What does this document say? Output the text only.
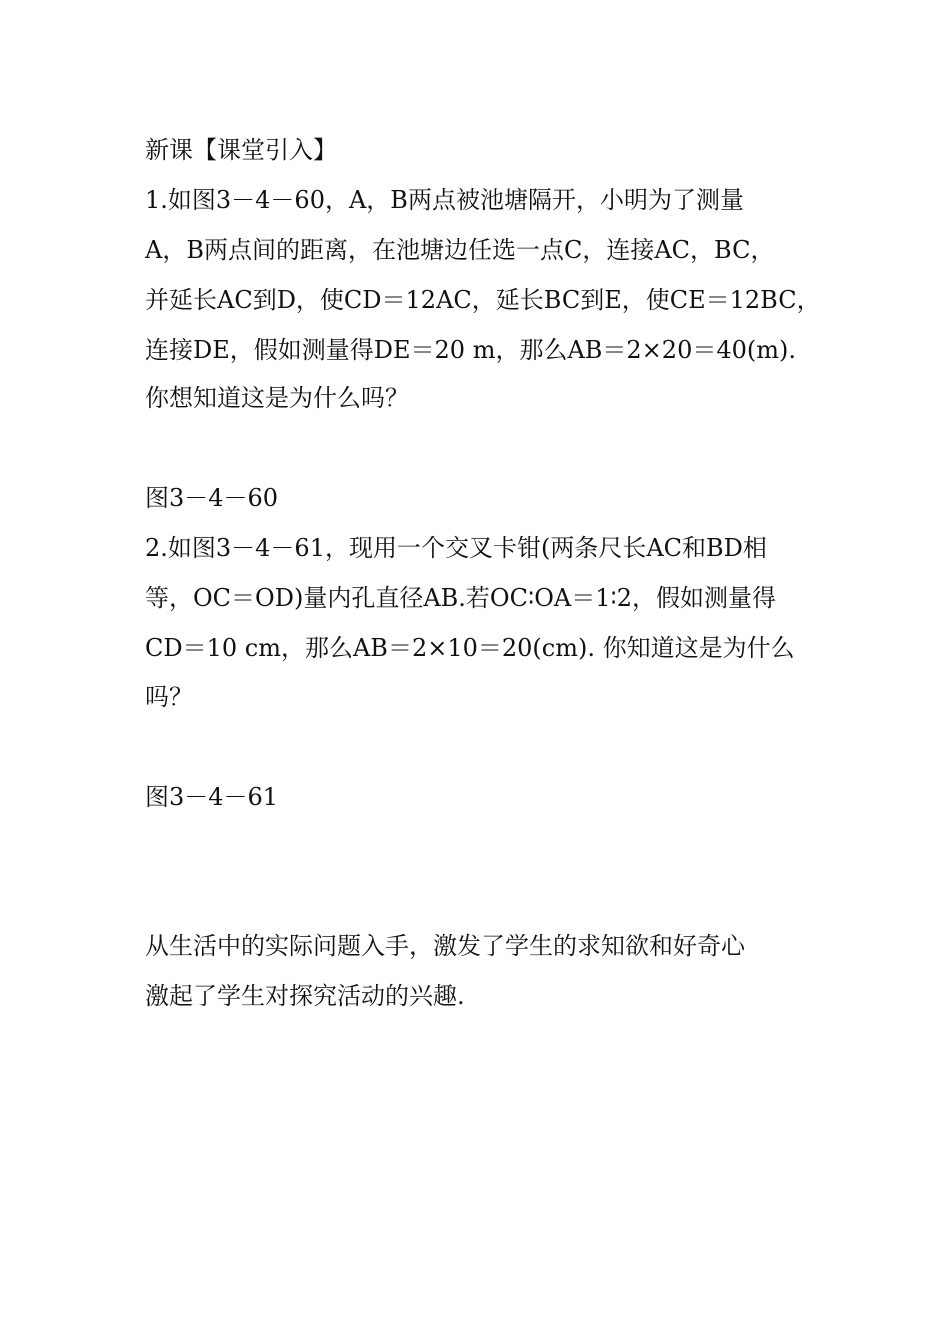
新课【课堂引入】

1.如图3－4－60，A，B两点被池塘隔开，小明为了测量

A，B两点间的距离，在池塘边任选一点C，连接AC，BC，

并延长AC到D，使CD＝12AC，延长BC到E，使CE＝12BC，

连接DE，假如测量得DE＝20 m，那么AB＝2×20＝40(m).

你想知道这是为什么吗？

图3－4－60

2.如图3－4－61，现用一个交叉卡钳(两条尺长AC和BD相

等，OC＝OD)量内孔直径AB.若OC∶OA＝1∶2，假如测量得

CD＝10 cm，那么AB＝2×10＝20(cm). 你知道这是为什么

吗？

图3－4－61

从生活中的实际问题入手，激发了学生的求知欲和好奇心

激起了学生对探究活动的兴趣.
